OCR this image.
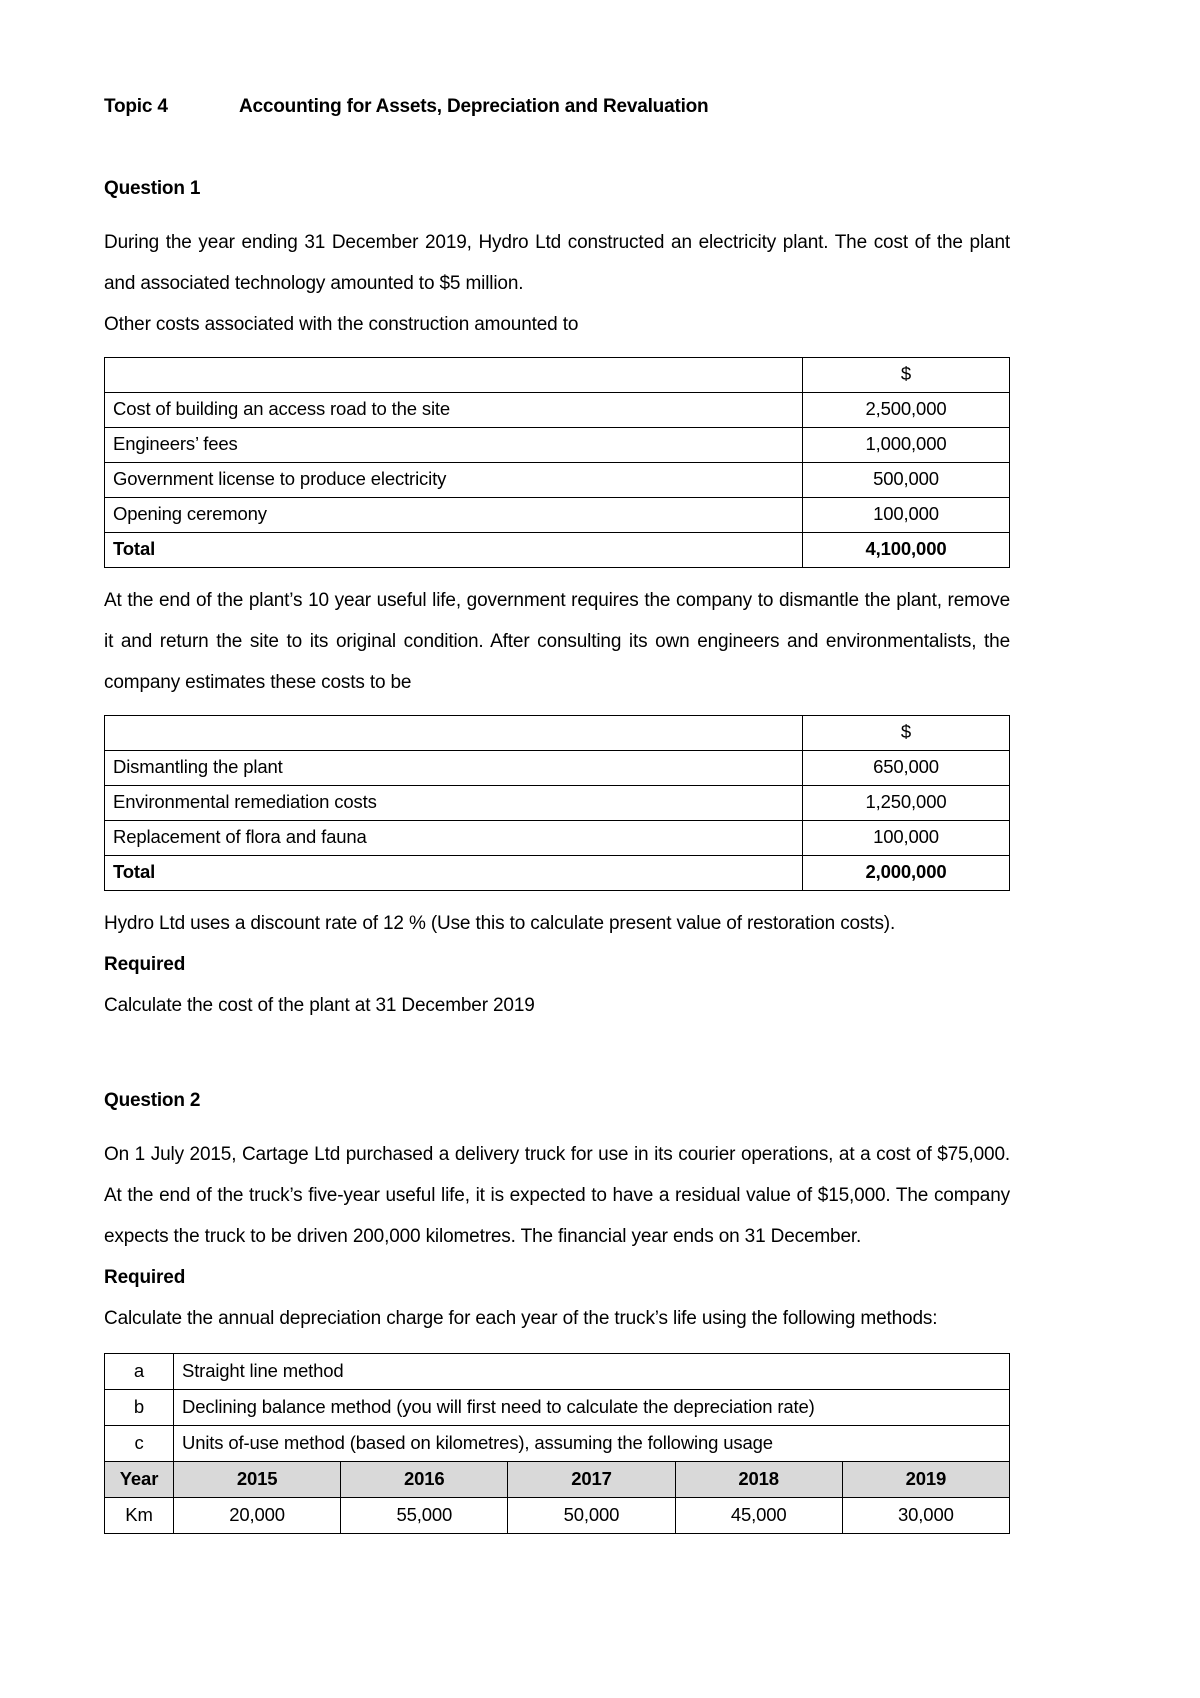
Topic 4	Accounting for Assets, Depreciation and Revaluation
Question 1

During the year ending 31 December 2019, Hydro Ltd constructed an electricity plant. The cost of the plant and associated technology amounted to $5 million.

Other costs associated with the construction amounted to

	$
Cost of building an access road to the site	2,500,000
Engineers’ fees	1,000,000
Government license to produce electricity	500,000
Opening ceremony	100,000
Total	4,100,000

At the end of the plant’s 10 year useful life, government requires the company to dismantle the plant, remove it and return the site to its original condition. After consulting its own engineers and environmentalists, the company estimates these costs to be

	$
Dismantling the plant	650,000
Environmental remediation costs	1,250,000
Replacement of flora and fauna	100,000
Total	2,000,000

Hydro Ltd uses a discount rate of 12 % (Use this to calculate present value of restoration costs).

Required

Calculate the cost of the plant at 31 December 2019

Question 2

On 1 July 2015, Cartage Ltd purchased a delivery truck for use in its courier operations, at a cost of $75,000. At the end of the truck’s five-year useful life, it is expected to have a residual value of $15,000. The company expects the truck to be driven 200,000 kilometres. The financial year ends on 31 December.

Required

Calculate the annual depreciation charge for each year of the truck’s life using the following methods:

a	Straight line method				
b	Declining balance method (you will first need to calculate the depreciation rate)				
c	Units of-use method (based on kilometres), assuming the following usage				
Year	2015	2016	2017	2018	2019
Km	20,000	55,000	50,000	45,000	30,000
